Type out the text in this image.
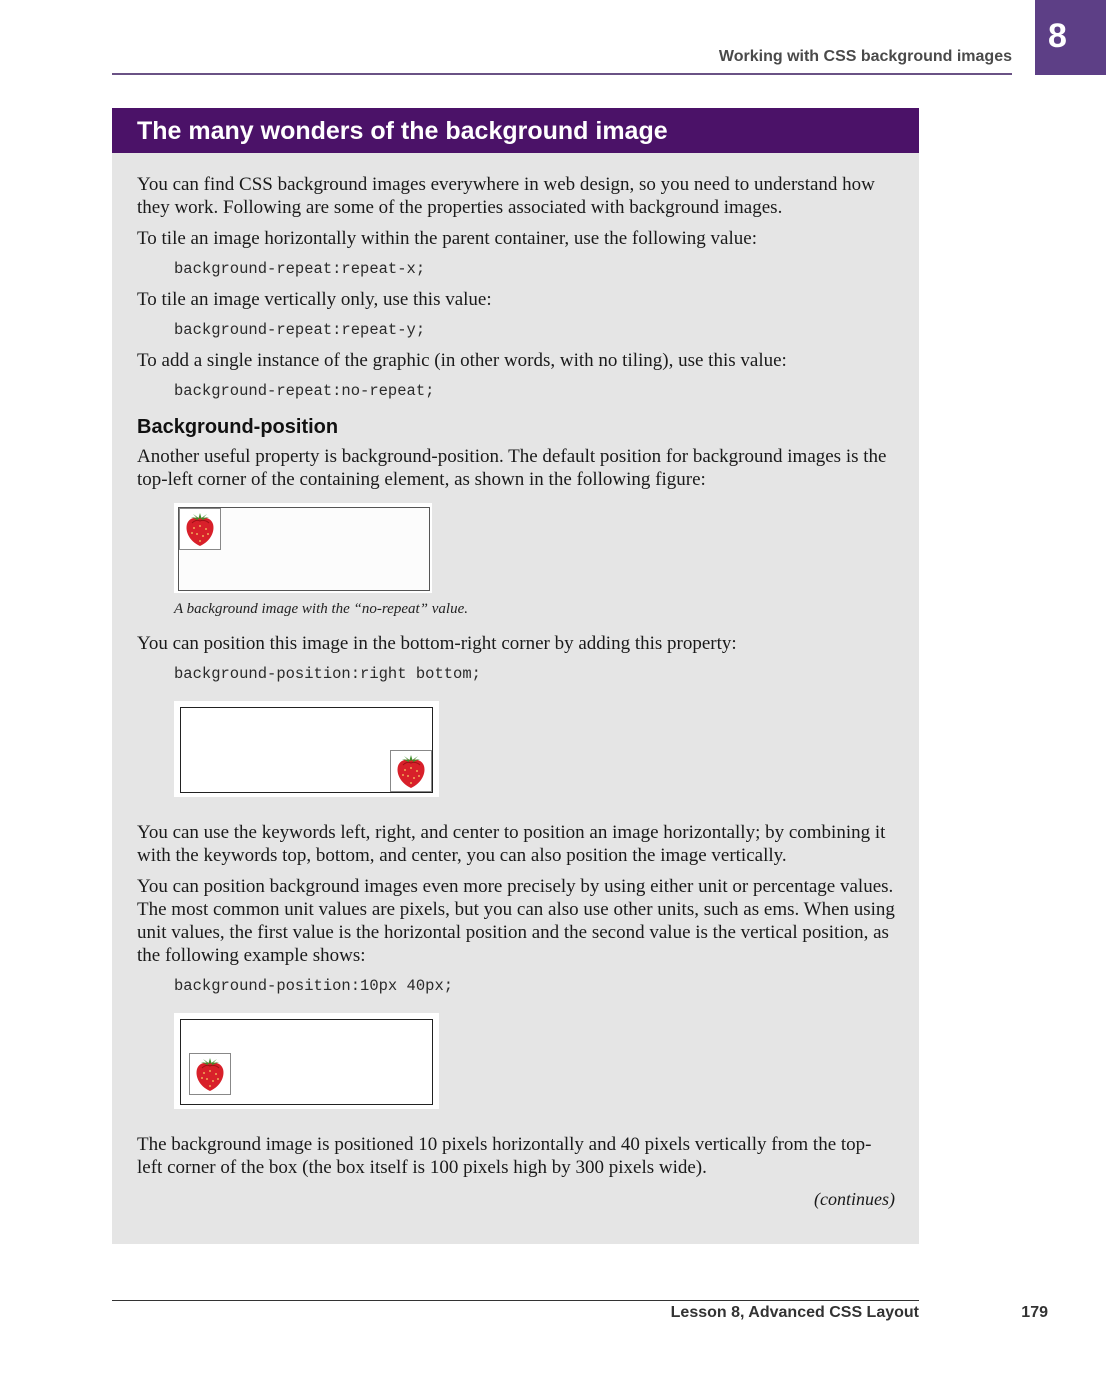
Working with CSS background images
8
The many wonders of the background image

You can find CSS background images everywhere in web design, so you need to understand how they work. Following are some of the properties associated with background images.

To tile an image horizontally within the parent container, use the following value:

background-repeat:repeat-x;

To tile an image vertically only, use this value:

background-repeat:repeat-y;

To add a single instance of the graphic (in other words, with no tiling), use this value:

background-repeat:no-repeat;
Background-position

Another useful property is background-position. The default position for background images is the top-left corner of the containing element, as shown in the following figure:

A background image with the “no-repeat” value.

You can position this image in the bottom-right corner by adding this property:

background-position:right bottom;

You can use the keywords left, right, and center to position an image horizontally; by combining it with the keywords top, bottom, and center, you can also position the image vertically.

You can position background images even more precisely by using either unit or percentage values. The most common unit values are pixels, but you can also use other units, such as ems. When using unit values, the first value is the horizontal position and the second value is the vertical position, as the following example shows:

background-position:10px 40px;

The background image is positioned 10 pixels horizontally and 40 pixels vertically from the top-left corner of the box (the box itself is 100 pixels high by 300 pixels wide).

(continues)
Lesson 8, Advanced CSS Layout	179
